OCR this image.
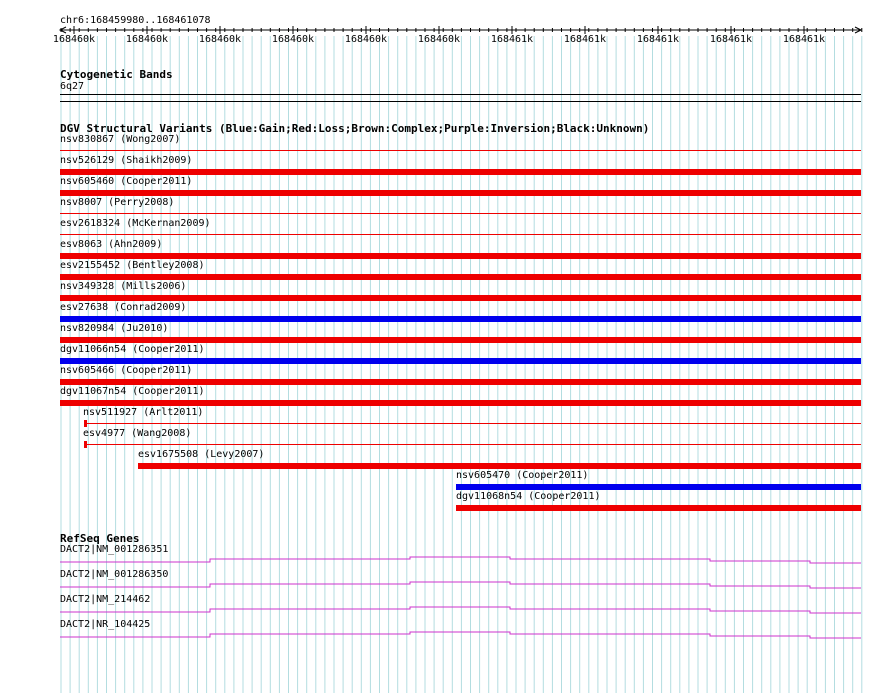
chr6:168459980..168461078
168460k	168460k	168460k	168460k	168460k	168460k	168461k	168461k	168461k	168461k	168461k
Cytogenetic Bands
6q27
DGV Structural Variants (Blue:Gain;Red:Loss;Brown:Complex;Purple:Inversion;Black:Unknown)
nsv830867 (Wong2007)
nsv526129 (Shaikh2009)
nsv605460 (Cooper2011)
nsv8007 (Perry2008)
esv2618324 (McKernan2009)
esv8063 (Ahn2009)
esv2155452 (Bentley2008)
nsv349328 (Mills2006)
esv27638 (Conrad2009)
nsv820984 (Ju2010)
dgv11066n54 (Cooper2011)
nsv605466 (Cooper2011)
dgv11067n54 (Cooper2011)
nsv511927 (Arlt2011)
esv4977 (Wang2008)
esv1675508 (Levy2007)
nsv605470 (Cooper2011)
dgv11068n54 (Cooper2011)
RefSeq Genes
DACT2|NM_001286351
DACT2|NM_001286350
DACT2|NM_214462
DACT2|NR_104425
